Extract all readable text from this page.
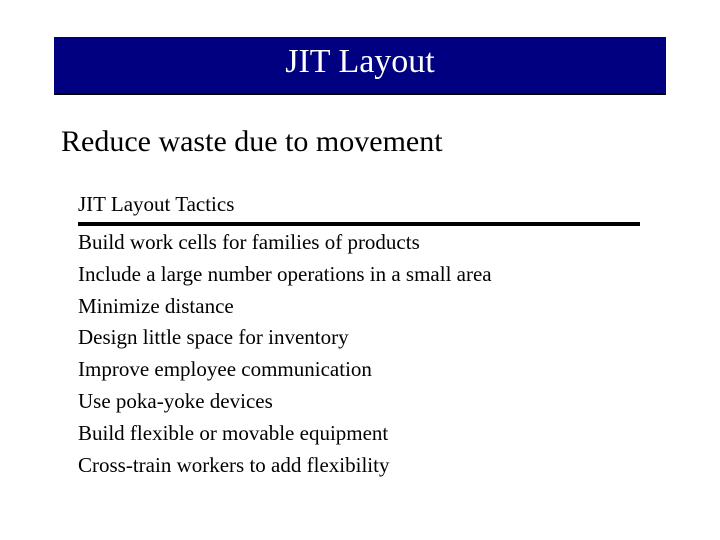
JIT Layout
Reduce waste due to movement
JIT Layout Tactics
Build work cells for families of products
Include a large number operations in a small area
Minimize distance
Design little space for inventory
Improve employee communication
Use poka-yoke devices
Build flexible or movable equipment
Cross-train workers to add flexibility
